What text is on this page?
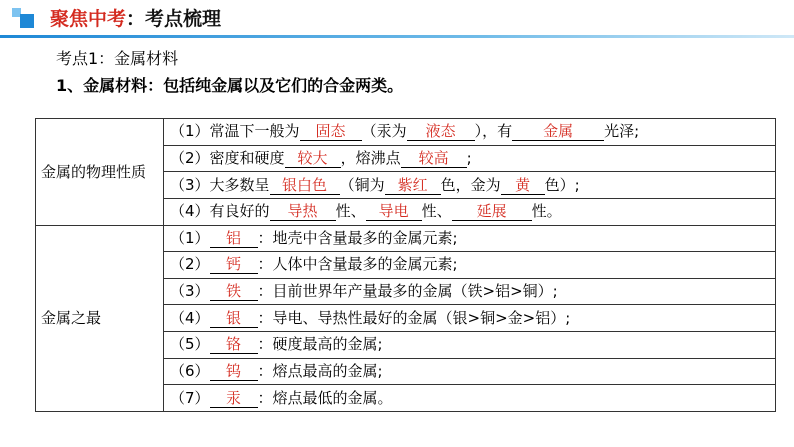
聚焦中考：考点梳理
考点1：金属材料
1、金属材料：包括纯金属以及它们的合金两类。
金属的物理性质	（1）常温下一般为 固态 （汞为 液态 ），有 金属 光泽;
	（2）密度和硬度 较大 ，熔沸点 较高 ;
	（3）大多数呈 银白色 （铜为 紫红 色，金为 黄 色）;
	（4）有良好的 导热 性、 导电 性、 延展 性。
金属之最	（1） 铝 ：地壳中含量最多的金属元素;
	（2） 钙 ：人体中含量最多的金属元素;
	（3） 铁 ：目前世界年产量最多的金属（铁>铝>铜）;
	（4） 银 ：导电、导热性最好的金属（银>铜>金>铝）;
	（5） 铬 ：硬度最高的金属;
	（6） 钨 ：熔点最高的金属;
	（7） 汞 ：熔点最低的金属。
